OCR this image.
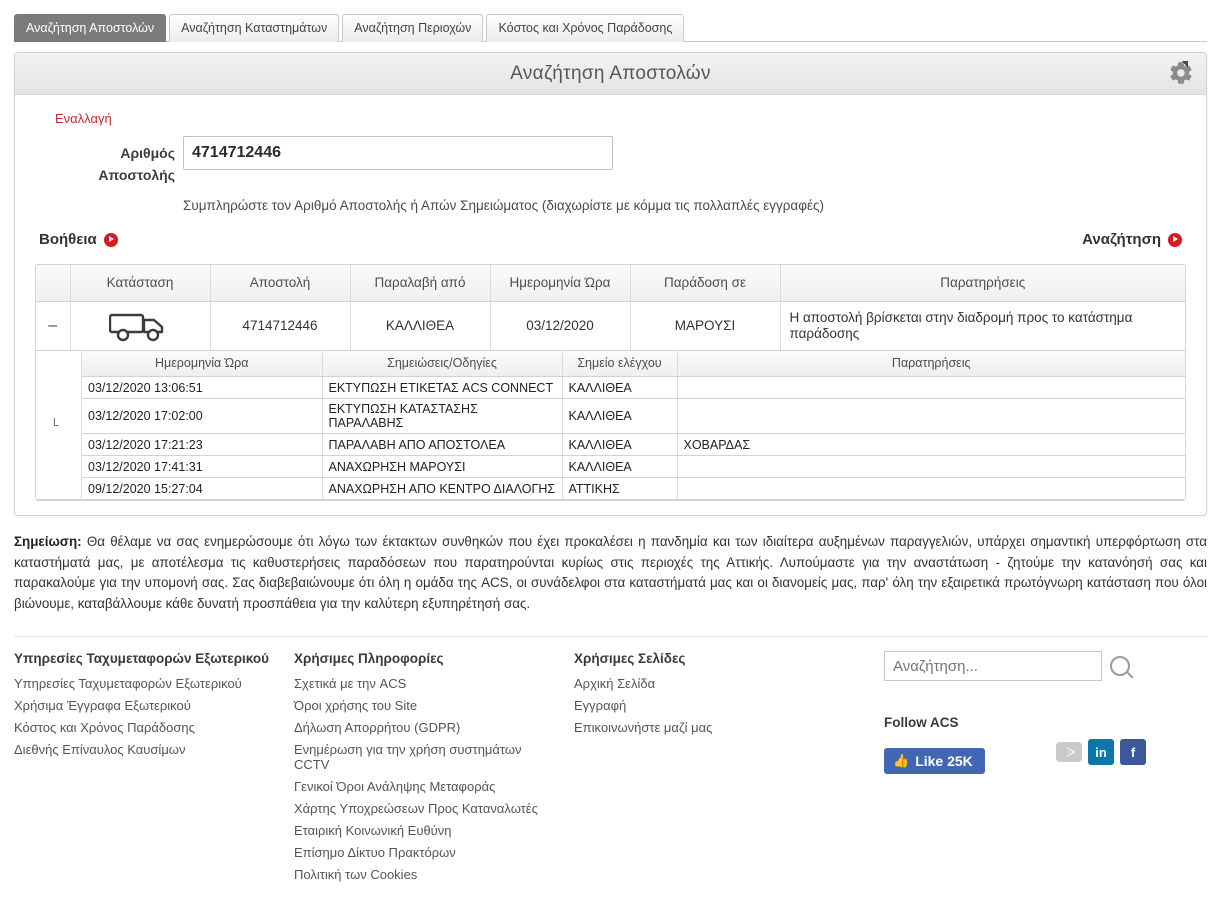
Αναζήτηση Αποστολών	Αναζήτηση Καταστημάτων	Αναζήτηση Περιοχών	Κόστος και Χρόνος Παράδοσης
Αναζήτηση Αποστολών
Εναλλαγή
Αριθμός
Αποστολής
4714712446
Συμπληρώστε τον Αριθμό Αποστολής ή Απών Σημειώματος (διαχωρίστε με κόμμα τις πολλαπλές εγγραφές)
Βοήθεια	Αναζήτηση
	Κατάσταση	Αποστολή	Παραλαβή από	Ημερομηνία Ώρα	Παράδοση σε	Παρατηρήσεις
–		4714712446	ΚΑΛΛΙΘΕΑ	03/12/2020	ΜΑΡΟΥΣΙ	Η αποστολή βρίσκεται στην διαδρομή προς το κατάστημα παράδοσης
└
Ημερομηνία Ώρα	Σημειώσεις/Οδηγίες	Σημείο ελέγχου	Παρατηρήσεις
03/12/2020 13:06:51	ΕΚΤΥΠΩΣΗ ΕΤΙΚΕΤΑΣ ACS CONNECT	ΚΑΛΛΙΘΕΑ	
03/12/2020 17:02:00	ΕΚΤΥΠΩΣΗ ΚΑΤΑΣΤΑΣΗΣ ΠΑΡΑΛΑΒΗΣ	ΚΑΛΛΙΘΕΑ	
03/12/2020 17:21:23	ΠΑΡΑΛΑΒΗ ΑΠΟ ΑΠΟΣΤΟΛΕΑ	ΚΑΛΛΙΘΕΑ	ΧΟΒΑΡΔΑΣ
03/12/2020 17:41:31	ΑΝΑΧΩΡΗΣΗ ΜΑΡΟΥΣΙ	ΚΑΛΛΙΘΕΑ	
09/12/2020 15:27:04	ΑΝΑΧΩΡΗΣΗ ΑΠΟ ΚΕΝΤΡΟ ΔΙΑΛΟΓΗΣ	ΑΤΤΙΚΗΣ	
Σημείωση: Θα θέλαμε να σας ενημερώσουμε ότι λόγω των έκτακτων συνθηκών που έχει προκαλέσει η πανδημία και των ιδιαίτερα αυξημένων παραγγελιών, υπάρχει σημαντική υπερφόρτωση στα καταστήματά μας, με αποτέλεσμα τις καθυστερήσεις παραδόσεων που παρατηρούνται κυρίως στις περιοχές της Αττικής. Λυπούμαστε για την αναστάτωση - ζητούμε την κατανόησή σας και παρακαλούμε για την υπομονή σας. Σας διαβεβαιώνουμε ότι όλη η ομάδα της ACS, οι συνάδελφοι στα καταστήματά μας και οι διανομείς μας, παρ' όλη την εξαιρετικά πρωτόγνωρη κατάσταση που όλοι βιώνουμε, καταβάλλουμε κάθε δυνατή προσπάθεια για την καλύτερη εξυπηρέτησή σας.
Υπηρεσίες Ταχυμεταφορών Εξωτερικού
Υπηρεσίες Ταχυμεταφορών Εξωτερικού
Χρήσιμα Έγγραφα Εξωτερικού
Κόστος και Χρόνος Παράδοσης
Διεθνής Επίναυλος Καυσίμων
Χρήσιμες Πληροφορίες
Σχετικά με την ACS
Όροι χρήσης του Site
Δήλωση Απορρήτου (GDPR)
Ενημέρωση για την χρήση συστημάτων CCTV
Γενικοί Όροι Ανάληψης Μεταφοράς
Χάρτης Υποχρεώσεων Προς Καταναλωτές
Εταιρική Κοινωνική Ευθύνη
Επίσημο Δίκτυο Πρακτόρων
Πολιτική των Cookies
Χρήσιμες Σελίδες
Αρχική Σελίδα
Εγγραφή
Επικοινωνήστε μαζί μας
Αναζήτηση...	Follow ACS
in	f
👍 Like 25K
